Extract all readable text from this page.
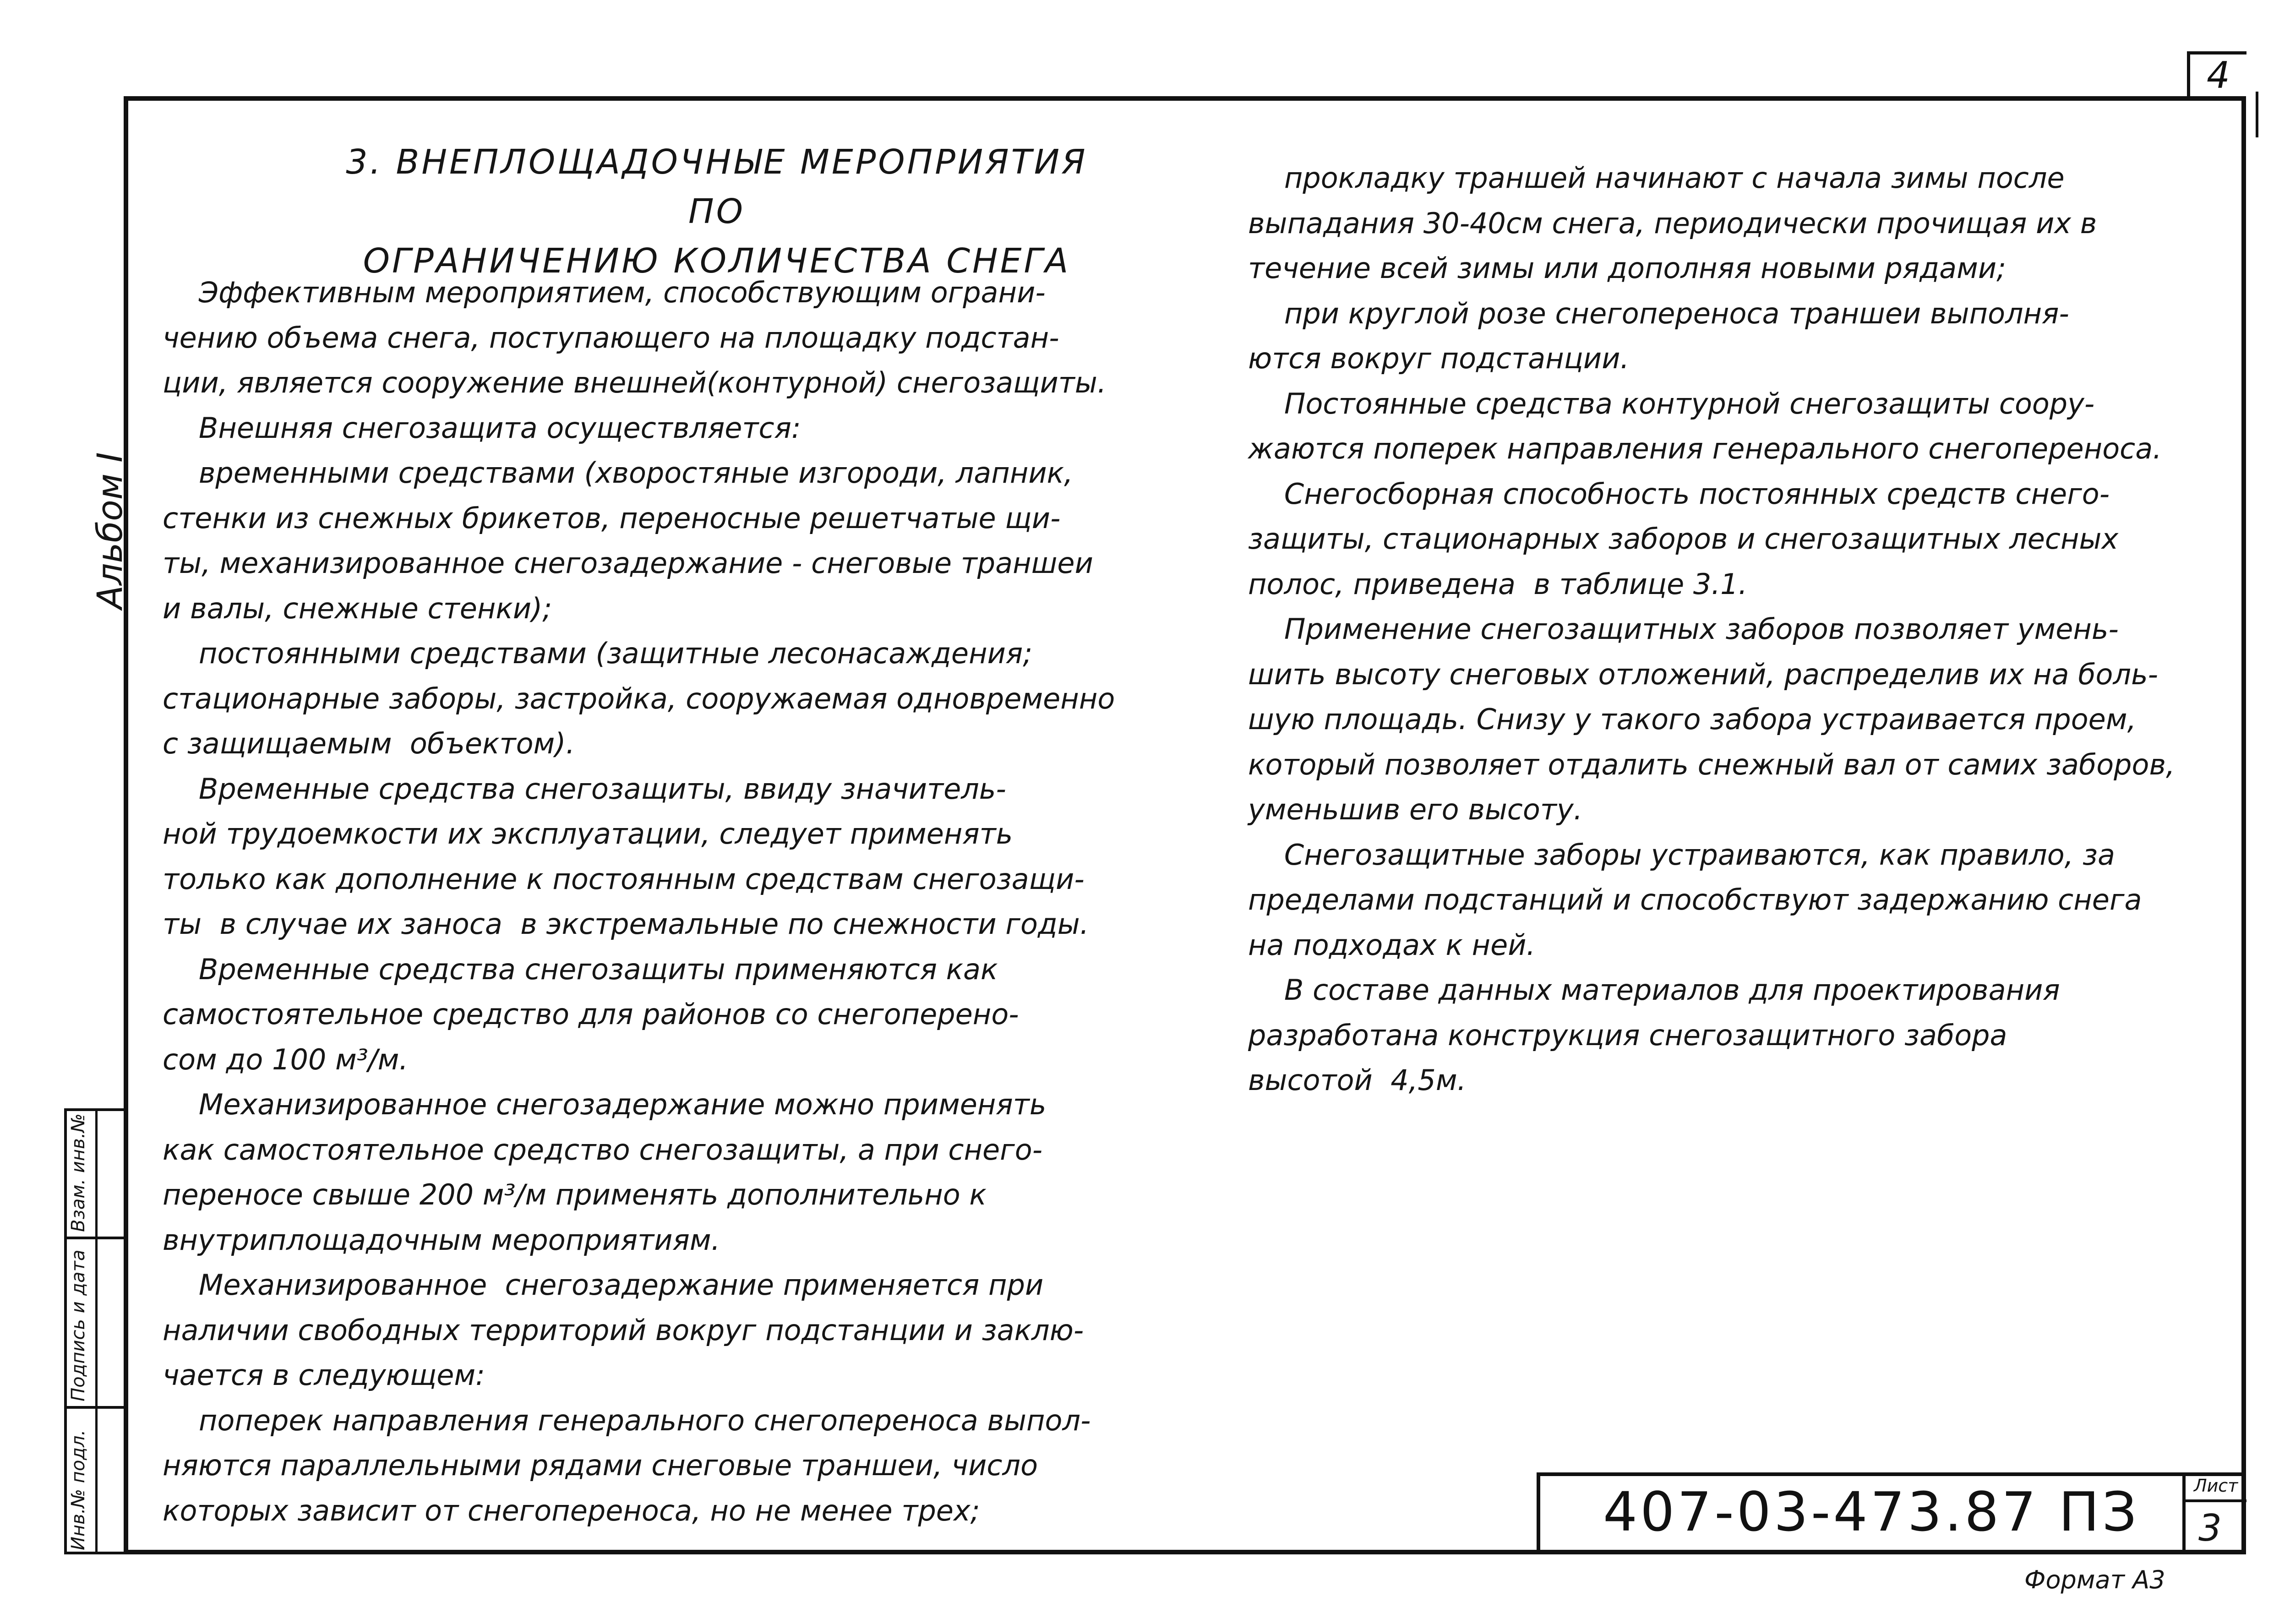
4
3. ВНЕПЛОЩАДОЧНЫЕ МЕРОПРИЯТИЯ ПО
ОГРАНИЧЕНИЮ КОЛИЧЕСТВА СНЕГА

Эффективным мероприятием, способствующим ограни-

чению объема снега, поступающего на площадку подстан-

ции, является сооружение внешней(контурной) снегозащиты.

Внешняя снегозащита осуществляется:

временными средствами (хворостяные изгороди, лапник,

стенки из снежных брикетов, переносные решетчатые щи-

ты, механизированное снегозадержание - снеговые траншеи

и валы, снежные стенки);

постоянными средствами (защитные лесонасаждения;

стационарные заборы, застройка, сооружаемая одновременно

с защищаемым  объектом).

Временные средства снегозащиты, ввиду значитель-

ной трудоемкости их эксплуатации, следует применять

только как дополнение к постоянным средствам снегозащи-

ты  в случае их заноса  в экстремальные по снежности годы.

Временные средства снегозащиты применяются как

самостоятельное средство для районов со снегоперено-

сом до 100 м³/м.

Механизированное снегозадержание можно применять

как самостоятельное средство снегозащиты, а при снего-

переносе свыше 200 м³/м применять дополнительно к

внутриплощадочным мероприятиям.

Механизированное  снегозадержание применяется при

наличии свободных территорий вокруг подстанции и заклю-

чается в следующем:

поперек направления генерального снегопереноса выпол-

няются параллельными рядами снеговые траншеи, число

которых зависит от снегопереноса, но не менее трех;

прокладку траншей начинают с начала зимы после

выпадания 30-40см снега, периодически прочищая их в

течение всей зимы или дополняя новыми рядами;

при круглой розе снегопереноса траншеи выполня-

ются вокруг подстанции.

Постоянные средства контурной снегозащиты соору-

жаются поперек направления генерального снегопереноса.

Снегосборная способность постоянных средств снего-

защиты, стационарных заборов и снегозащитных лесных

полос, приведена  в таблице 3.1.

Применение снегозащитных заборов позволяет умень-

шить высоту снеговых отложений, распределив их на боль-

шую площадь. Снизу у такого забора устраивается проем,

который позволяет отдалить снежный вал от самих заборов,

уменьшив его высоту.

Снегозащитные заборы устраиваются, как правило, за

пределами подстанций и способствуют задержанию снега

на подходах к ней.

В составе данных материалов для проектирования

разработана конструкция снегозащитного забора

высотой  4,5м.

Альбом I
Инв.№ подл.
Подпись и дата
Взам. инв.№
407-03-473.87 ПЗ	Лист
3
Формат А3
